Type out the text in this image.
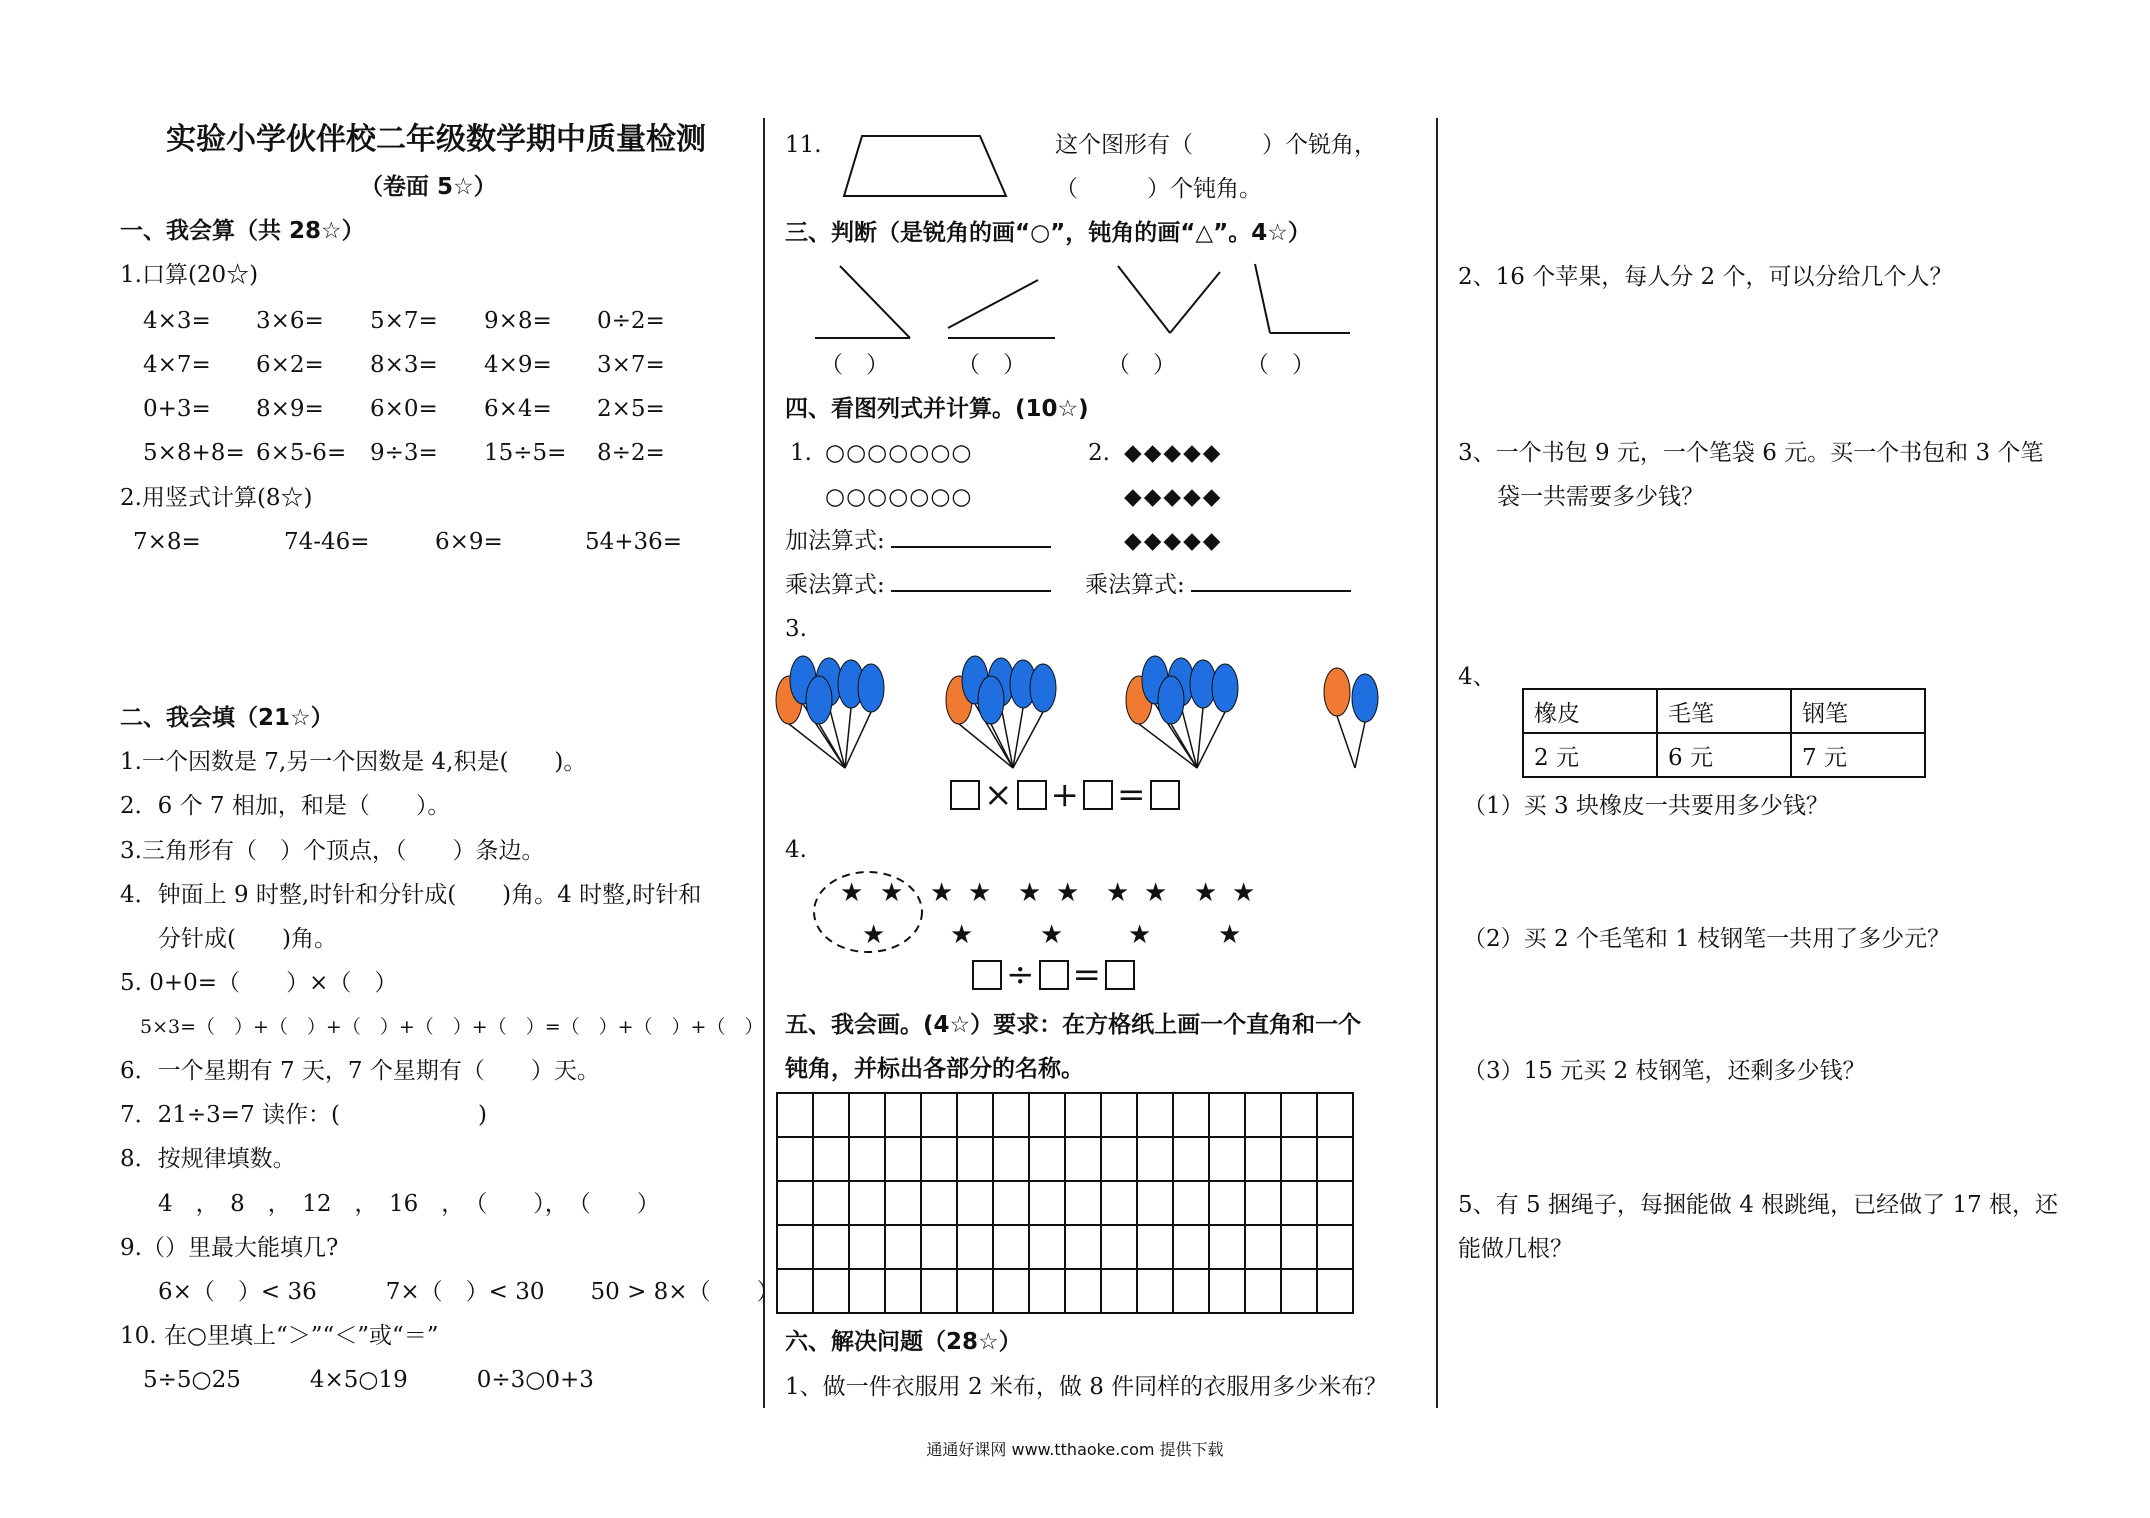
实验小学伙伴校二年级数学期中质量检测
（卷面 5☆）
一、我会算（共 28☆）
1.口算(20☆)
4×3= 3×6= 5×7= 9×8= 0÷2=
4×7= 6×2= 8×3= 4×9= 3×7=
0+3= 8×9= 6×0= 6×4= 2×5=
5×8+8= 6×5-6= 9÷3= 15÷5= 8÷2=
2.用竖式计算(8☆)
7×8=	74-46=	6×9=	54+36=
二、我会填（21☆）
1.一个因数是 7,另一个因数是 4,积是(　　)。
2．6 个 7 相加，和是（　　）。
3.三角形有（　）个顶点，（　　）条边。
4．钟面上 9 时整,时针和分针成(　　)角。4 时整,时针和
分针成(　　)角。
5. 0+0=（　　）×（　）
5×3=（　）+（　）+（　）+（　）+（　）=（　）+（　）+（　）
6．一个星期有 7 天，7 个星期有（　　）天。
7．21÷3=7 读作：(　　　　　　)
8．按规律填数。
4　，　8　，　12　，　16　，　（　　），　（　　）
9.（）里最大能填几?
6×（　）< 36　　　7×（　）< 30　　50 > 8×（　　）
10. 在○里填上“＞”“＜”或“＝”
5÷5○25　　　4×5○19　　　0÷3○0+3
11.	这个图形有（　　　）个锐角，
（　　　）个钝角。
三、判断（是锐角的画“○”，钝角的画“△”。4☆）
（　）	（　）	（　）	（　）
四、看图列式并计算。(10☆)
1. ○○○○○○○
○○○○○○○
2. ◆◆◆◆◆
◆◆◆◆◆
◆◆◆◆◆
加法算式:
乘法算式:	乘法算式:
3.
× + =
4.
★ ★ ★ ★ ★ ★ ★ ★ ★ ★
★ ★	★ ★	★
÷ =
五、我会画。(4☆）要求：在方格纸上画一个直角和一个
钝角，并标出各部分的名称。
六、解决问题（28☆）
1、做一件衣服用 2 米布，做 8 件同样的衣服用多少米布？
2、16 个苹果，每人分 2 个，可以分给几个人？
3、一个书包 9 元，一个笔袋 6 元。买一个书包和 3 个笔
袋一共需要多少钱？
4、
橡皮	毛笔	钢笔
2 元	6 元	7 元
（1）买 3 块橡皮一共要用多少钱？
（2）买 2 个毛笔和 1 枝钢笔一共用了多少元？
（3）15 元买 2 枝钢笔，还剩多少钱？
5、有 5 捆绳子，每捆能做 4 根跳绳，已经做了 17 根，还
能做几根？
通通好课网 www.tthaoke.com 提供下载
